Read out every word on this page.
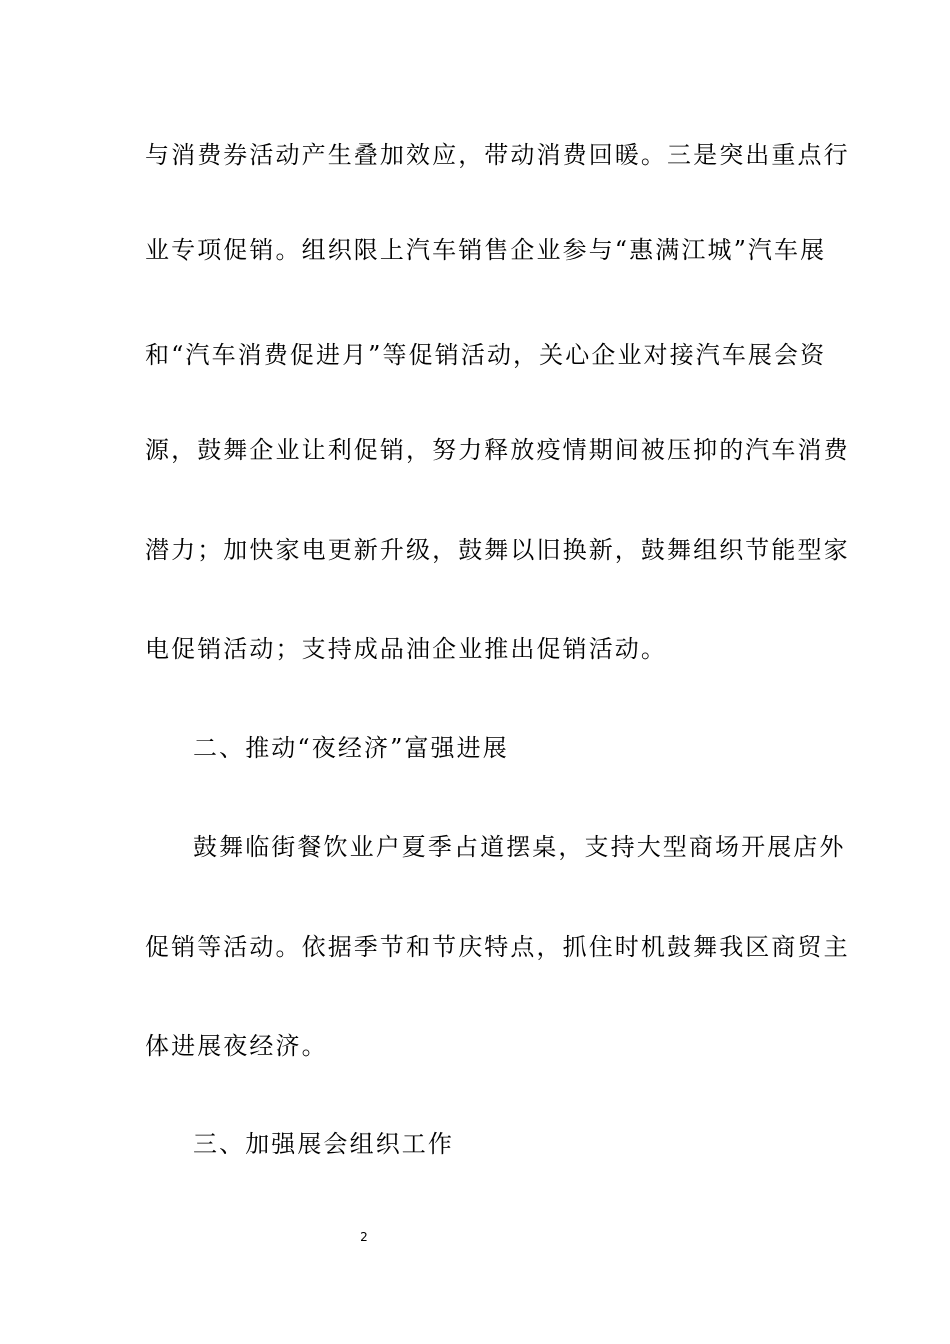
与消费券活动产生叠加效应，带动消费回暖。三是突出重点行
业专项促销。组织限上汽车销售企业参与“惠满江城”汽车展
和“汽车消费促进月”等促销活动，关心企业对接汽车展会资
源，鼓舞企业让利促销，努力释放疫情期间被压抑的汽车消费
潜力；加快家电更新升级，鼓舞以旧换新，鼓舞组织节能型家
电促销活动；支持成品油企业推出促销活动。
二、推动“夜经济”富强进展
鼓舞临街餐饮业户夏季占道摆桌，支持大型商场开展店外
促销等活动。依据季节和节庆特点，抓住时机鼓舞我区商贸主
体进展夜经济。
三、加强展会组织工作
2
